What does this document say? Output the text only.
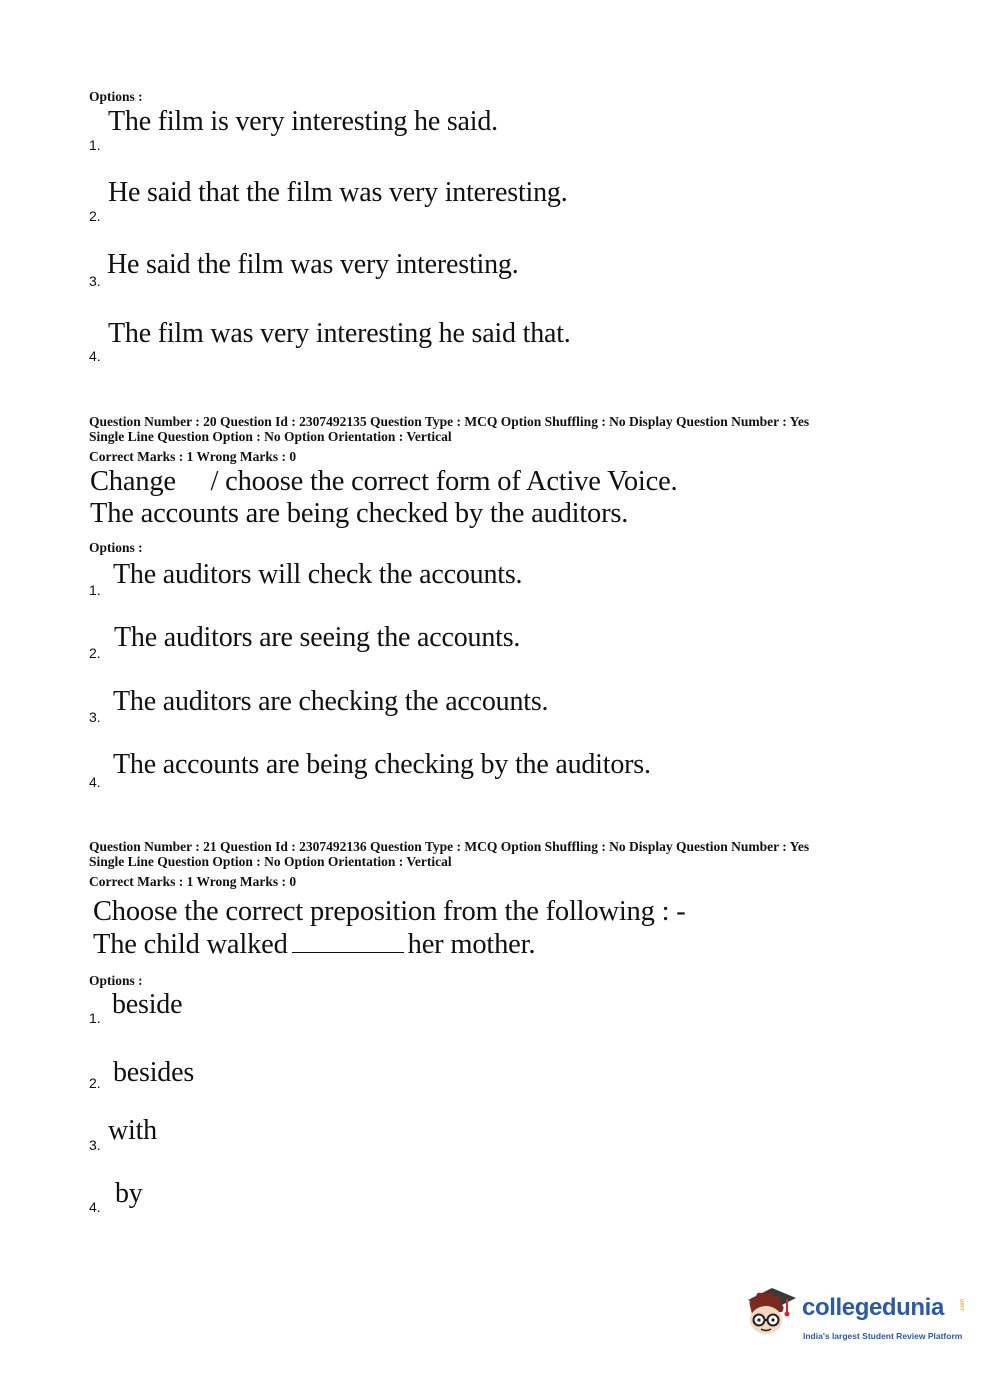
Options :
The film is very interesting he said.
1.
He said that the film was very interesting.
2.
He said the film was very interesting.
3.
The film was very interesting he said that.
4.
Question Number : 20 Question Id : 2307492135 Question Type : MCQ Option Shuffling : No Display Question Number : Yes
Single Line Question Option : No Option Orientation : Vertical
Correct Marks : 1 Wrong Marks : 0
Change     / choose the correct form of Active Voice.
The accounts are being checked by the auditors.
Options :
The auditors will check the accounts.
1.
The auditors are seeing the accounts.
2.
The auditors are checking the accounts.
3.
The accounts are being checking by the auditors.
4.
Question Number : 21 Question Id : 2307492136 Question Type : MCQ Option Shuffling : No Display Question Number : Yes
Single Line Question Option : No Option Orientation : Vertical
Correct Marks : 1 Wrong Marks : 0
Choose the correct preposition from the following : -
The child walked	her mother.
Options :
beside
1.
besides
2.
with
3.
by
4.
collegedunia	.com
India's largest Student Review Platform
